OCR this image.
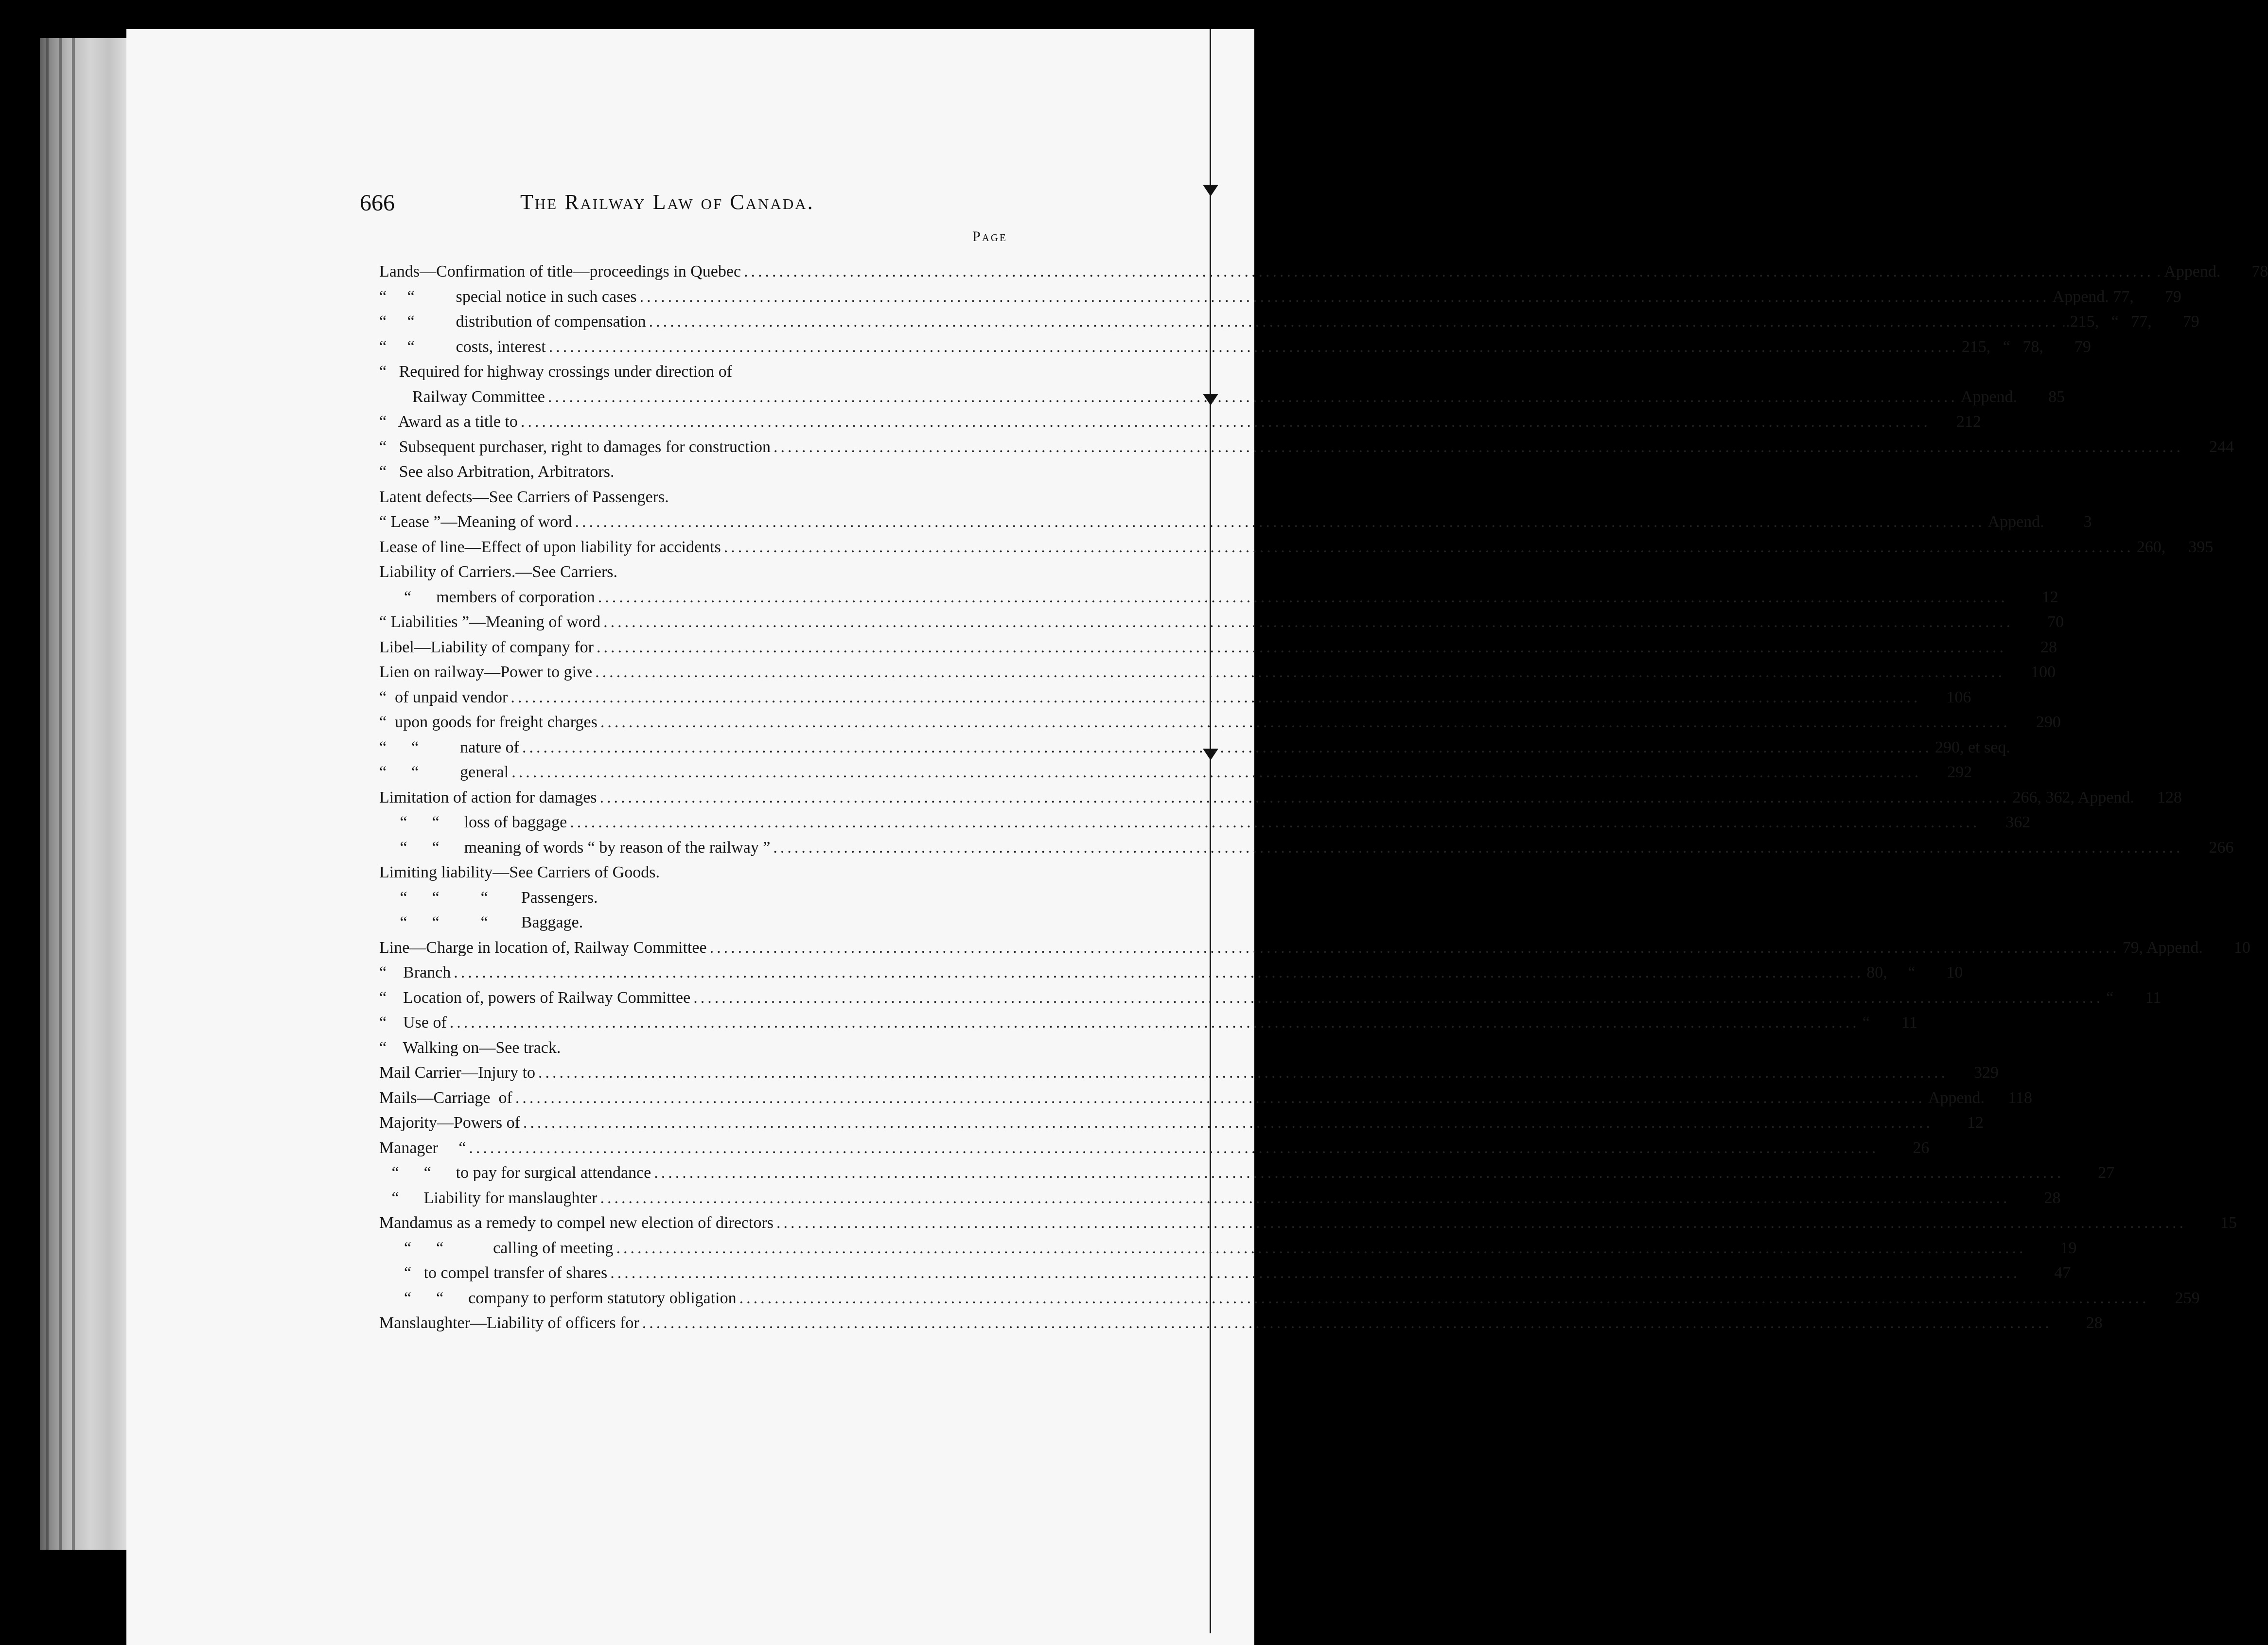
666	The Railway Law of Canada.
Page
Lands—Confirmation of title—proceedings in Quebec ........................................................................................................................................................................................................ . Append.	78
“     “          special notice in such cases ........................................................................................................................................................................................................ Append. 77,	79
“     “          distribution of compensation ........................................................................................................................................................................................................ ..215,   “   77,	79
“     “          costs, interest ........................................................................................................................................................................................................ 215,   “   78,	79
“   Required for highway crossings under direction of
Railway Committee ........................................................................................................................................................................................................ Append.	85
“   Award as a title to ........................................................................................................................................................................................................	212
“   Subsequent purchaser, right to damages for construction ........................................................................................................................................................................................................	244
“   See also Arbitration, Arbitrators.
Latent defects—See Carriers of Passengers.
“ Lease ”—Meaning of word ........................................................................................................................................................................................................ Append.	3
Lease of line—Effect of upon liability for accidents ........................................................................................................................................................................................................ 260,	395
Liability of Carriers.—See Carriers.
“      members of corporation ........................................................................................................................................................................................................	12
“ Liabilities ”—Meaning of word ........................................................................................................................................................................................................	70
Libel—Liability of company for ........................................................................................................................................................................................................	28
Lien on railway—Power to give ........................................................................................................................................................................................................	100
“  of unpaid vendor ........................................................................................................................................................................................................	106
“  upon goods for freight charges ........................................................................................................................................................................................................	290
“      “          nature of ........................................................................................................................................................................................................ 290, et seq.
“      “          general ........................................................................................................................................................................................................	292
Limitation of action for damages ........................................................................................................................................................................................................ 266, 362, Append.	128
“      “      loss of baggage ........................................................................................................................................................................................................	362
“      “      meaning of words “ by reason of the railway ” ........................................................................................................................................................................................................	266
Limiting liability—See Carriers of Goods.
“      “          “        Passengers.
“      “          “        Baggage.
Line—Charge in location of, Railway Committee ........................................................................................................................................................................................................ 79, Append.	10
“    Branch ........................................................................................................................................................................................................ 80,     “	10
“    Location of, powers of Railway Committee ........................................................................................................................................................................................................ “	11
“    Use of ........................................................................................................................................................................................................ “	11
“    Walking on—See track.
Mail Carrier—Injury to ........................................................................................................................................................................................................	329
Mails—Carriage  of ........................................................................................................................................................................................................ Append.	118
Majority—Powers of ........................................................................................................................................................................................................	12
Manager     “ ........................................................................................................................................................................................................	26
“      “      to pay for surgical attendance ........................................................................................................................................................................................................	27
“      Liability for manslaughter ........................................................................................................................................................................................................	28
Mandamus as a remedy to compel new election of directors ........................................................................................................................................................................................................	15
“      “            calling of meeting ........................................................................................................................................................................................................	19
“   to compel transfer of shares ........................................................................................................................................................................................................	47
“      “      company to perform statutory obligation ........................................................................................................................................................................................................	259
Manslaughter—Liability of officers for ........................................................................................................................................................................................................	28
